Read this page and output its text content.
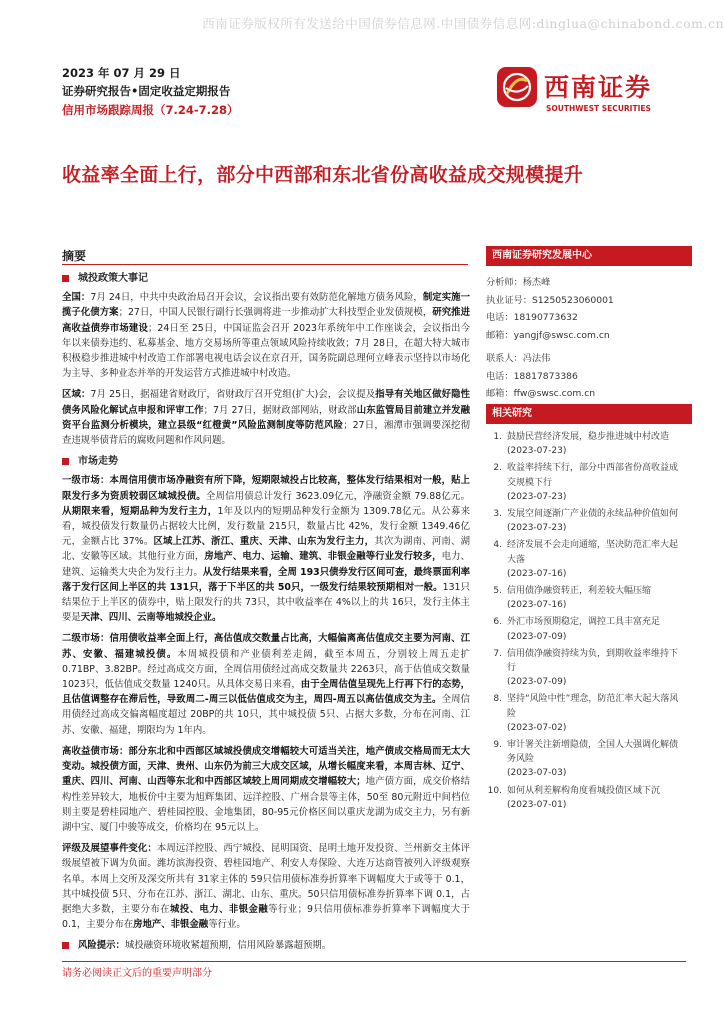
西南证券版权所有发送给中国债券信息网.中国债券信息网:dinglua@chinabond.com.cn
2023 年 07 月 29 日
证券研究报告•固定收益定期报告
信用市场跟踪周报（7.24-7.28）
西南证券
SOUTHWEST SECURITIES
收益率全面上行，部分中西部和东北省份高收益成交规模提升
摘要
城投政策大事记

全国：7月 24日，中共中央政治局召开会议，会议指出要有效防范化解地方债务风险，制定实施一揽子化债方案；27日，中国人民银行副行长强调将进一步推动扩大科技型企业发债规模，研究推进高收益债券市场建设；24日至 25日，中国证监会召开 2023年系统年中工作座谈会，会议指出今年以来债券违约、私募基金、地方交易场所等重点领域风险持续收敛；7月 28日，在超大特大城市积极稳步推进城中村改造工作部署电视电话会议在京召开，国务院副总理何立峰表示坚持以市场化为主导、多种业态并举的开发运营方式推进城中村改造。

区域：7月 25日，据福建省财政厅，省财政厅召开党组(扩大)会，会议提及指导有关地区做好隐性债务风险化解试点申报和评审工作；7月 27日，据财政部网站，财政部山东监管局目前建立并发融资平台监测分析模块，建立县级“红橙黄”风险监测制度等防范风险；27日，湘潭市强调要深挖彻查违规举债背后的腐败问题和作风问题。

市场走势

一级市场：本周信用债市场净融资有所下降，短期限城投占比较高，整体发行结果相对一般，贴上限发行多为资质较弱区域城投债。全周信用债总计发行 3623.09亿元，净融资金额 79.88亿元。从期限来看，短期品种为发行主力，1年及以内的短期品种发行金额为 1309.78亿元。从公募来看，城投债发行数量仍占据较大比例，发行数量 215只，数量占比 42%，发行金额 1349.46亿元，金额占比 37%。区域上江苏、浙江、重庆、天津、山东为发行主力，其次为湖南、河南、湖北、安徽等区域。其他行业方面，房地产、电力、运输、建筑、非银金融等行业发行较多，电力、建筑、运输类大央企为发行主力。从发行结果来看，全周 193只债券发行区间可查，最终票面利率落于发行区间上半区的共 131只，落于下半区的共 50只，一级发行结果较预期相对一般。131只结果位于上半区的债券中，贴上限发行的共 73只，其中收益率在 4%以上的共 16只，发行主体主要是天津、四川、云南等地城投企业。

二级市场：信用债收益率全面上行，高估值成交数量占比高，大幅偏离高估值成交主要为河南、江苏、安徽、福建城投债。本周城投债和产业债利差走阔，截至本周五，分别较上周五走扩 0.71BP、3.82BP。经过高成交方面，全周信用债经过高成交数量共 2263只，高于估值成交数量 1023只，低估值成交数量 1240只。从具体交易日来看，由于全周估值呈现先上行再下行的态势，且估值调整存在滞后性，导致周二-周三以低估值成交为主，周四-周五以高估值成交为主。全周信用债经过高成交偏离幅度超过 20BP的共 10只，其中城投债 5只、占据大多数，分布在河南、江苏、安徽、福建，期限均为 1年内。

高收益债市场：部分东北和中西部区域城投债成交增幅较大可适当关注，地产债成交格局而无太大变动。城投债方面，天津、贵州、山东仍为前三大成交区域，从增长幅度来看，本周吉林、辽宁、重庆、四川、河南、山西等东北和中西部区域较上周同期成交增幅较大；地产债方面，成交价格结构性差异较大，地板价中主要为旭辉集团、远洋控股、广州合景等主体，50至 80元附近中间档位则主要是碧桂园地产、碧桂园控股、金地集团，80-95元价格区间以重庆龙湖为成交主力，另有新湖中宝、厦门中骏等成交，价格均在 95元以上。

评级及展望事件变化：本周远洋控股、西宁城投、昆明国资、昆明土地开发投资、兰州新交主体评级展望被下调为负面。潍坊滨海投资、碧桂园地产、利安人寿保险、大连万达商管被列入评级观察名单。本周上交所及深交所共有 31家主体的 59只信用债标准券折算率下调幅度大于或等于 0.1，其中城投债 5只、分布在江苏、浙江、湖北、山东、重庆。50只信用债标准券折算率下调 0.1，占据绝大多数，主要分布在城投、电力、非银金融等行业；9只信用债标准券折算率下调幅度大于 0.1，主要分布在房地产、非银金融等行业。

风险提示： 城投融资环境收紧超预期，信用风险暴露超预期。
西南证券研究发展中心
分析师：杨杰峰
执业证号：S1250523060001
电话：18190773632
邮箱：yangjf@swsc.com.cn
联系人：冯法伟
电话：18817873386
邮箱：ffw@swsc.com.cn
相关研究
1. 鼓励民营经济发展，稳步推进城中村改造
(2023-07-23)
2. 收益率持续下行，部分中西部省份高收益成交规模下行
(2023-07-23)
3. 发展空间逐渐广产业债的永续品种价值如何
(2023-07-23)
4. 经济发展不会走向通缩，坚决防范汇率大起大落
(2023-07-16)
5. 信用债净融资转正，利差较大幅压缩
(2023-07-16)
6. 外汇市场预期稳定，调控工具丰富充足
(2023-07-09)
7. 信用债净融资持续为负，到期收益率维持下行
(2023-07-09)
8. 坚持“风险中性”理念，防范汇率大起大落风险
(2023-07-02)
9. 审计署关注新增隐债，全国人大强调化解债务风险
(2023-07-03)
10. 如何从利差解构角度看城投债区域下沉
(2023-07-01)
请务必阅读正文后的重要声明部分
